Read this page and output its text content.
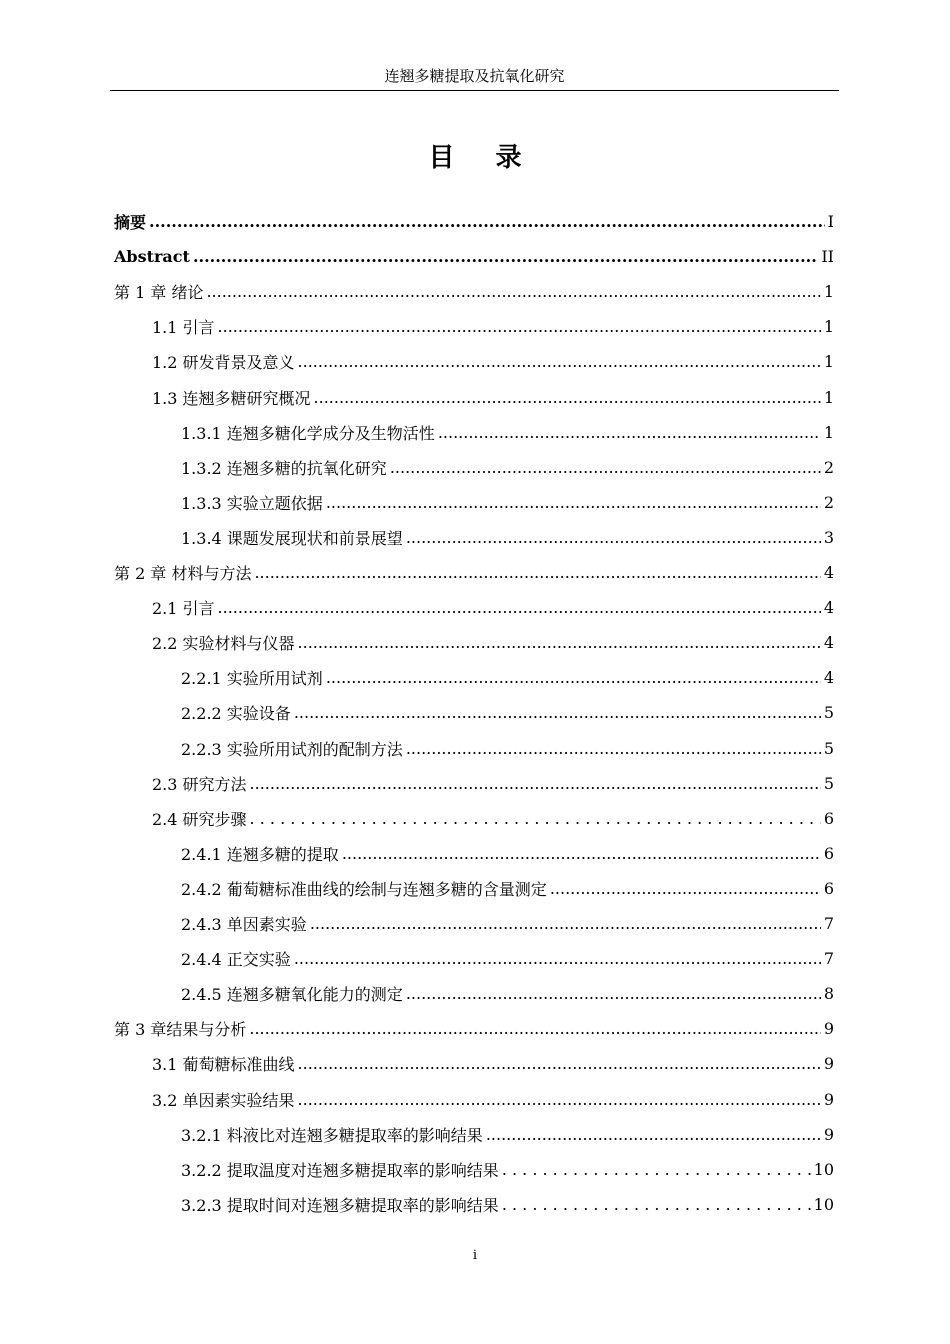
连翘多糖提取及抗氧化研究
目 录
摘要 .....	I
Abstract .....	II
第 1 章 绪论 .....	1
1.1 引言 .....	1
1.2 研发背景及意义 .....	1
1.3 连翘多糖研究概况 .....	1
1.3.1 连翘多糖化学成分及生物活性 .....	1
1.3.2 连翘多糖的抗氧化研究 .....	2
1.3.3 实验立题依据 .....	2
1.3.4 课题发展现状和前景展望 .....	3
第 2 章 材料与方法 .....	4
2.1 引言 .....	4
2.2 实验材料与仪器 .....	4
2.2.1 实验所用试剂 .....	4
2.2.2 实验设备 .....	5
2.2.3 实验所用试剂的配制方法 .....	5
2.3 研究方法 .....	5
2.4 研究步骤 . . .	6
2.4.1 连翘多糖的提取 .....	6
2.4.2 葡萄糖标准曲线的绘制与连翘多糖的含量测定 .....	6
2.4.3 单因素实验 .....	7
2.4.4 正交实验 .....	7
2.4.5 连翘多糖氧化能力的测定 .....	8
第 3 章结果与分析 .....	9
3.1 葡萄糖标准曲线 .....	9
3.2 单因素实验结果 .....	9
3.2.1 料液比对连翘多糖提取率的影响结果 .....	9
3.2.2 提取温度对连翘多糖提取率的影响结果 . . .	10
3.2.3 提取时间对连翘多糖提取率的影响结果 . . .	10
i
